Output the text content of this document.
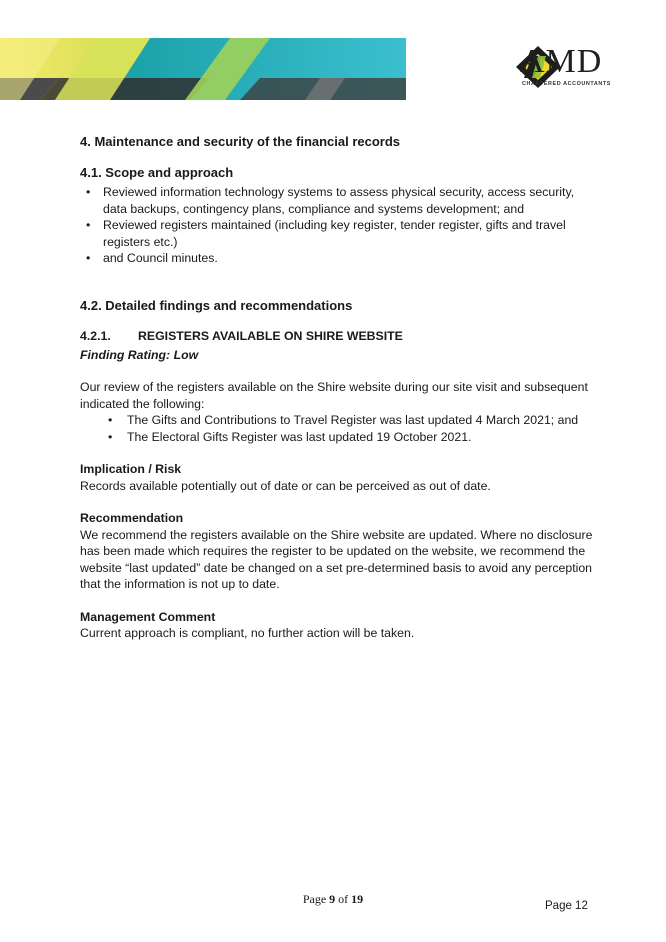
AMD
CHARTERED ACCOUNTANTS
4. Maintenance and security of the financial records
4.1. Scope and approach
• Reviewed information technology systems to assess physical security, access security, data backups, contingency plans, compliance and systems development; and
• Reviewed registers maintained (including key register, tender register, gifts and travel registers etc.)
• and Council minutes.
4.2. Detailed findings and recommendations
4.2.1. REGISTERS AVAILABLE ON SHIRE WEBSITE

Finding Rating: Low

Our review of the registers available on the Shire website during our site visit and subsequent indicated the following:

• The Gifts and Contributions to Travel Register was last updated 4 March 2021; and
• The Electoral Gifts Register was last updated 19 October 2021.

Implication / Risk

Records available potentially out of date or can be perceived as out of date.

Recommendation

We recommend the registers available on the Shire website are updated. Where no disclosure has been made which requires the register to be updated on the website, we recommend the website “last updated” date be changed on a set pre-determined basis to avoid any perception that the information is not up to date.

Management Comment

Current approach is compliant, no further action will be taken.

Page 9 of 19	Page 12
